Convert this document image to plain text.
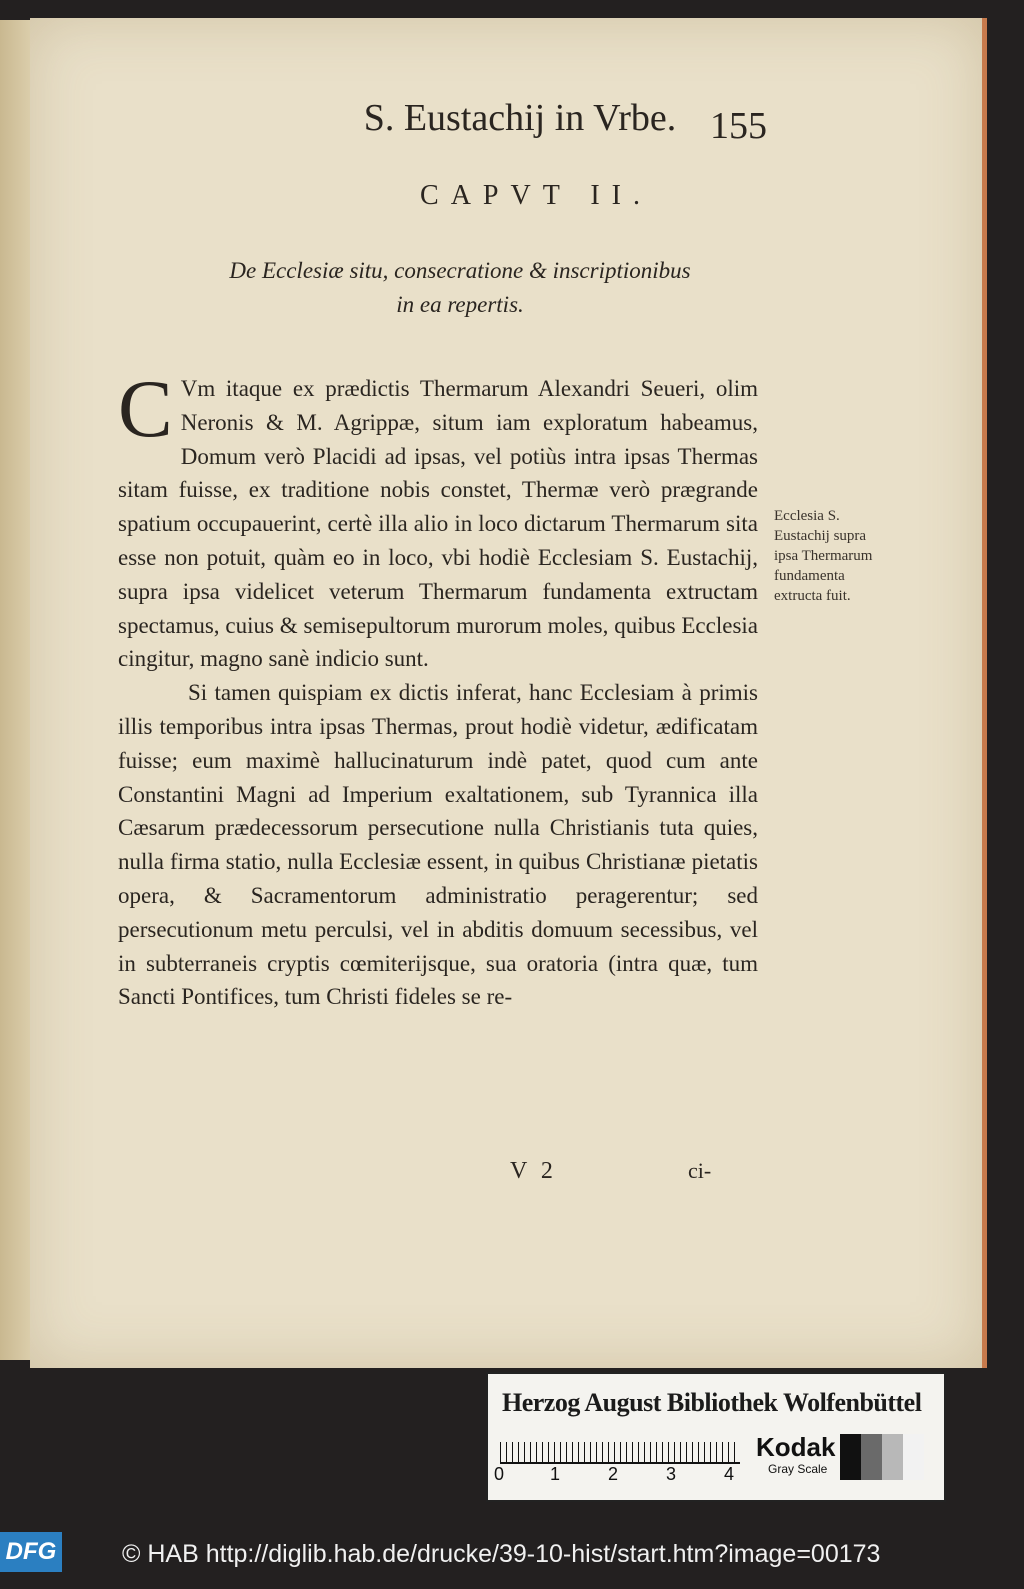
S. Eustachij in Vrbe. 155
CAPVT II.
De Ecclesiæ situ, consecratione & inscriptionibus
in ea repertis.

C Vm itaque ex prædictis Thermarum Alexandri Seueri, olim Neronis & M. Agrippæ, situm iam exploratum habeamus, Domum verò Placidi ad ipsas, vel potiùs intra ipsas Thermas sitam fuisse, ex traditione nobis constet, Thermæ verò prægrande spatium occupauerint, certè illa alio in loco dictarum Thermarum sita esse non potuit, quàm eo in loco, vbi hodiè Ecclesiam S. Eustachij, supra ipsa videlicet veterum Thermarum fundamenta extructam spectamus, cuius & semisepultorum murorum moles, quibus Ecclesia cingitur, magno sanè indicio sunt.

Si tamen quispiam ex dictis inferat, hanc Ecclesiam à primis illis temporibus intra ipsas Thermas, prout hodiè videtur, ædificatam fuisse; eum maximè hallucinaturum indè patet, quod cum ante Constantini Magni ad Imperium exaltationem, sub Tyrannica illa Cæsarum prædecessorum persecutione nulla Christianis tuta quies, nulla firma statio, nulla Ecclesiæ essent, in quibus Christianæ pietatis opera, & Sacramentorum administratio peragerentur; sed persecutionum metu perculsi, vel in abditis domuum secessibus, vel in subterraneis cryptis cœmiterijsque, sua oratoria (intra quæ, tum Sancti Pontifices, tum Christi fideles se re-

Ecclesia S. Eustachij supra ipsa Thermarum fundamenta extructa fuit.
V 2	ci-
Herzog August Bibliothek Wolfenbüttel
0	1	2	3	4
Kodak
Gray Scale
DFG	© HAB http://diglib.hab.de/drucke/39-10-hist/start.htm?image=00173
